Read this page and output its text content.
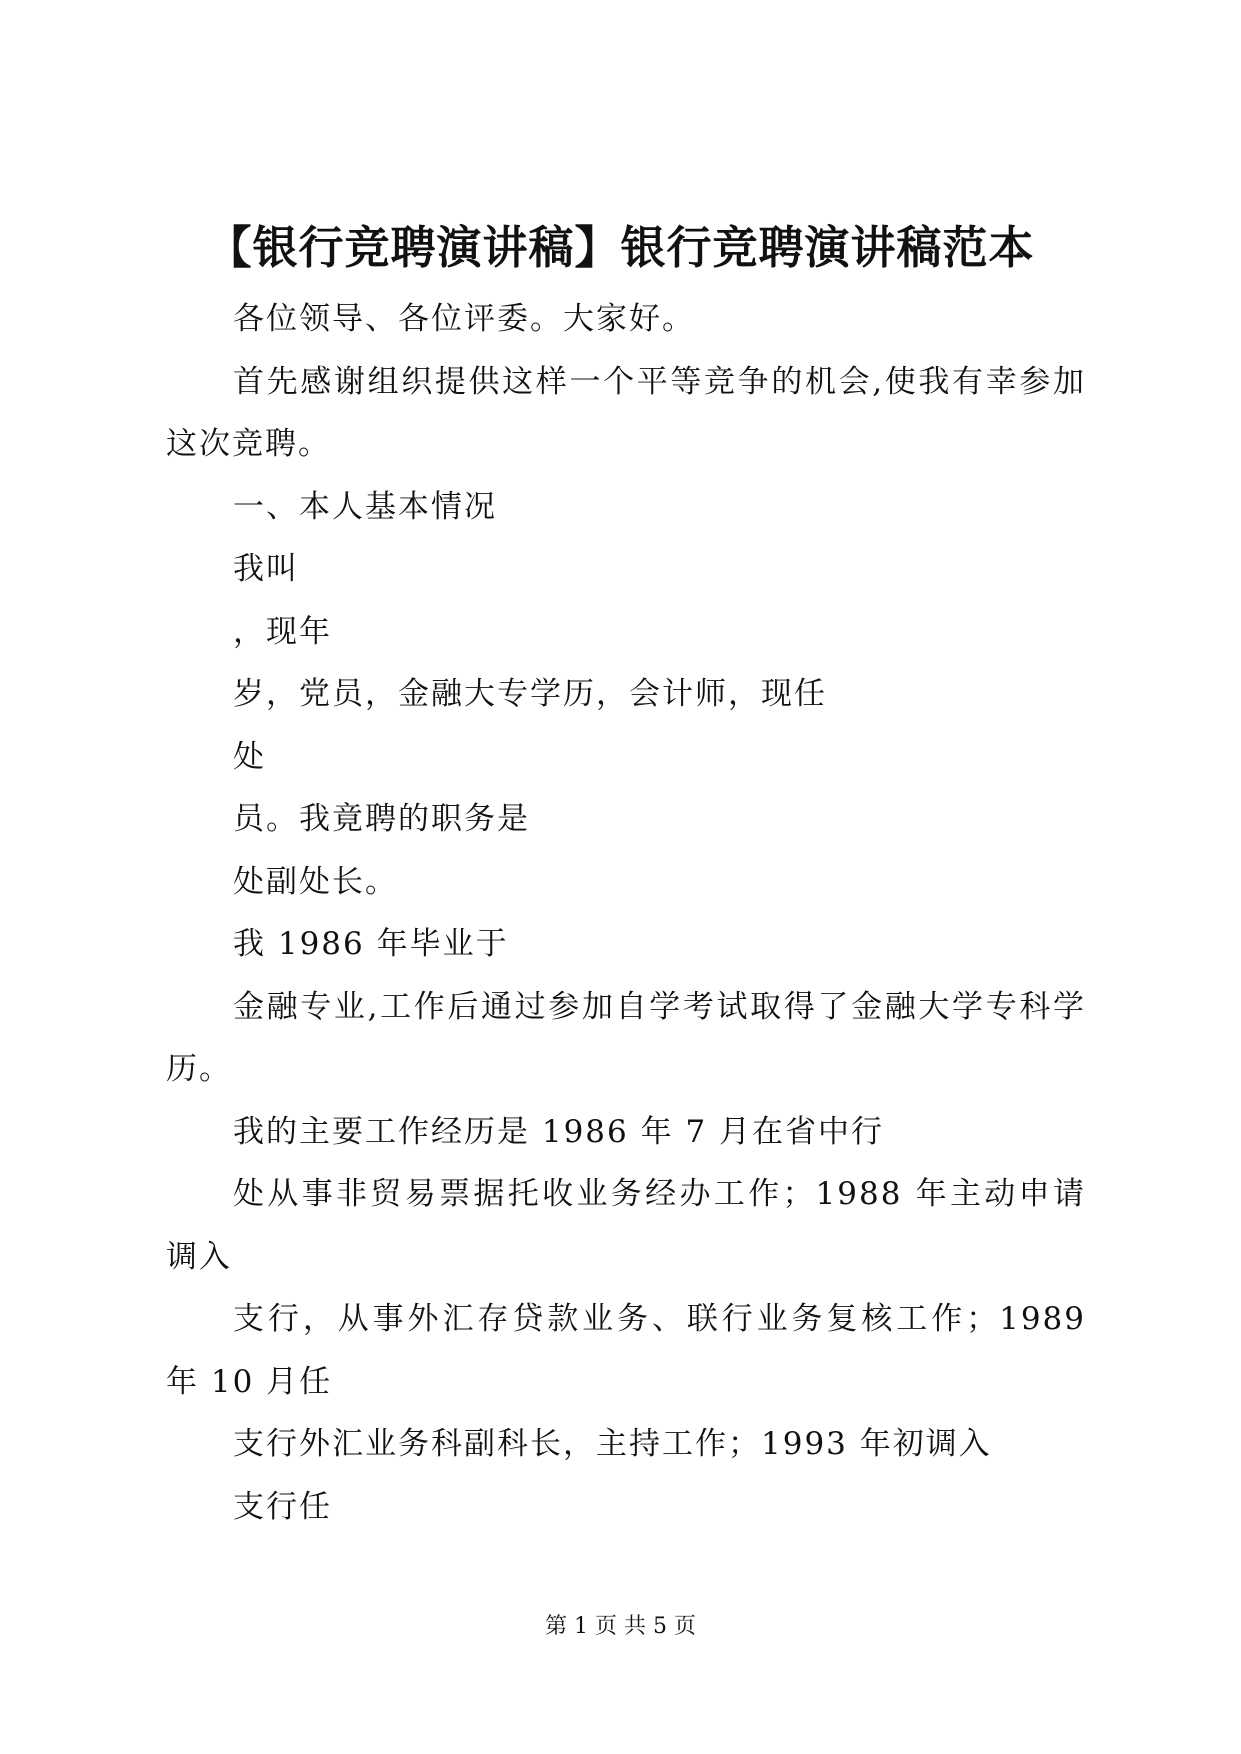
【银行竞聘演讲稿】银行竞聘演讲稿范本

各位领导、各位评委。大家好。

首先感谢组织提供这样一个平等竞争的机会,使我有幸参加这次竞聘。

一、本人基本情况

我叫

，现年

岁，党员，金融大专学历，会计师，现任

处

员。我竟聘的职务是

处副处长。

我 1986 年毕业于

金融专业,工作后通过参加自学考试取得了金融大学专科学历。

我的主要工作经历是 1986 年 7 月在省中行

处从事非贸易票据托收业务经办工作；1988 年主动申请调入

支行，从事外汇存贷款业务、联行业务复核工作；1989 年 10 月任

支行外汇业务科副科长，主持工作；1993 年初调入

支行任

第 1 页 共 5 页
